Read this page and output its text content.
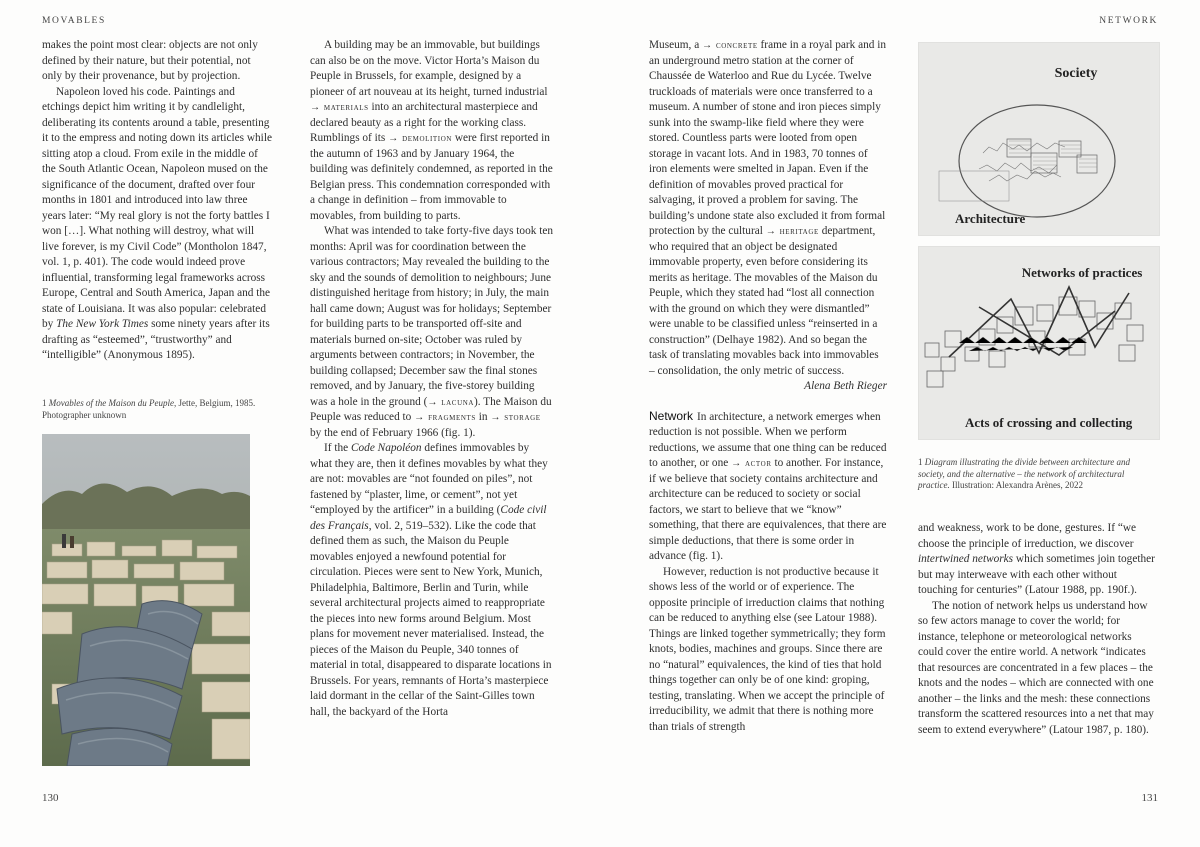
MOVABLES	NETWORK

makes the point most clear: objects are not only defined by their nature, but their potential, not only by their provenance, but by projection.

Napoleon loved his code. Paintings and etchings depict him writing it by candlelight, deliberating its contents around a table, presenting it to the empress and noting down its articles while sitting atop a cloud. From exile in the middle of the South Atlantic Ocean, Napoleon mused on the significance of the document, drafted over four months in 1801 and introduced into law three years later: “My real glory is not the forty battles I won […]. What nothing will destroy, what will live forever, is my Civil Code” (Montholon 1847, vol. 1, p. 401). The code would indeed prove influential, transforming legal frameworks across Europe, Central and South America, Japan and the state of Louisiana. It was also popular: celebrated by The New York Times some ninety years after its drafting as “esteemed”, “trustworthy” and “intelligible” (Anonymous 1895).

1 Movables of the Maison du Peuple, Jette, Belgium, 1985. Photographer unknown

A building may be an immovable, but buildings can also be on the move. Victor Horta’s Maison du Peuple in Brussels, for example, designed by a pioneer of art nouveau at its height, turned industrial → materials into an architectural masterpiece and declared beauty as a right for the working class. Rumblings of its → demolition were first reported in the autumn of 1963 and by January 1964, the building was definitely condemned, as reported in the Belgian press. This condemnation corresponded with a change in definition – from immovable to movables, from building to parts.

What was intended to take forty-five days took ten months: April was for coordination between the various contractors; May revealed the building to the sky and the sounds of demolition to neighbours; June distinguished heritage from history; in July, the main hall came down; August was for holidays; September for building parts to be transported off-site and materials burned on-site; October was ruled by arguments between contractors; in November, the building collapsed; December saw the final stones removed, and by January, the five-storey building was a hole in the ground (→ lacuna). The Maison du Peuple was reduced to → fragments in → storage by the end of February 1966 (fig. 1).

If the Code Napoléon defines immovables by what they are, then it defines movables by what they are not: movables are “not founded on piles”, not fastened by “plaster, lime, or cement”, not yet “employed by the artificer” in a building (Code civil des Français, vol. 2, 519–532). Like the code that defined them as such, the Maison du Peuple movables enjoyed a newfound potential for circulation. Pieces were sent to New York, Munich, Philadelphia, Baltimore, Berlin and Turin, while several architectural projects aimed to reappropriate the pieces into new forms around Belgium. Most plans for movement never materialised. Instead, the pieces of the Maison du Peuple, 340 tonnes of material in total, disappeared to disparate locations in Brussels. For years, remnants of Horta’s masterpiece laid dormant in the cellar of the Saint-Gilles town hall, the backyard of the Horta

130	131

Museum, a → concrete frame in a royal park and in an underground metro station at the corner of Chaussée de Waterloo and Rue du Lycée. Twelve truckloads of materials were once transferred to a museum. A number of stone and iron pieces simply sunk into the swamp-like field where they were stored. Countless parts were looted from open storage in vacant lots. And in 1983, 70 tonnes of iron elements were smelted in Japan. Even if the definition of movables proved practical for salvaging, it proved a problem for saving. The building’s undone state also excluded it from formal protection by the cultural → heritage department, who required that an object be designated immovable property, even before considering its merits as heritage. The movables of the Maison du Peuple, which they stated had “lost all connection with the ground on which they were dismantled” were unable to be classified unless “reinserted in a construction” (Delhaye 1982). And so began the task of translating movables back into immovables – consolidation, the only metric of success.
Alena Beth Rieger

Network In architecture, a network emerges when reduction is not possible. When we perform reductions, we assume that one thing can be reduced to another, or one → actor to another. For instance, if we believe that society contains architecture and architecture can be reduced to society or social factors, we start to believe that we “know” something, that there are equivalences, that there are simple deductions, that there is some order in advance (fig. 1).

However, reduction is not productive because it shows less of the world or of experience. The opposite principle of irreduction claims that nothing can be reduced to anything else (see Latour 1988). Things are linked together symmetrically; they form knots, bodies, machines and groups. Since there are no “natural” equivalences, the kind of ties that hold things together can only be of one kind: groping, testing, translating. When we accept the principle of irreducibility, we admit that there is nothing more than trials of strength

Society
Architecture
Networks of practices
Acts of crossing and collecting
1 Diagram illustrating the divide between architecture and society, and the alternative – the network of architectural practice. Illustration: Alexandra Arènes, 2022

and weakness, work to be done, gestures. If “we choose the principle of irreduction, we discover intertwined networks which sometimes join together but may interweave with each other without touching for centuries” (Latour 1988, pp. 190f.).

The notion of network helps us understand how so few actors manage to cover the world; for instance, telephone or meteorological networks could cover the entire world. A network “indicates that resources are concentrated in a few places – the knots and the nodes – which are connected with one another – the links and the mesh: these connections transform the scattered resources into a net that may seem to extend everywhere” (Latour 1987, p. 180).
